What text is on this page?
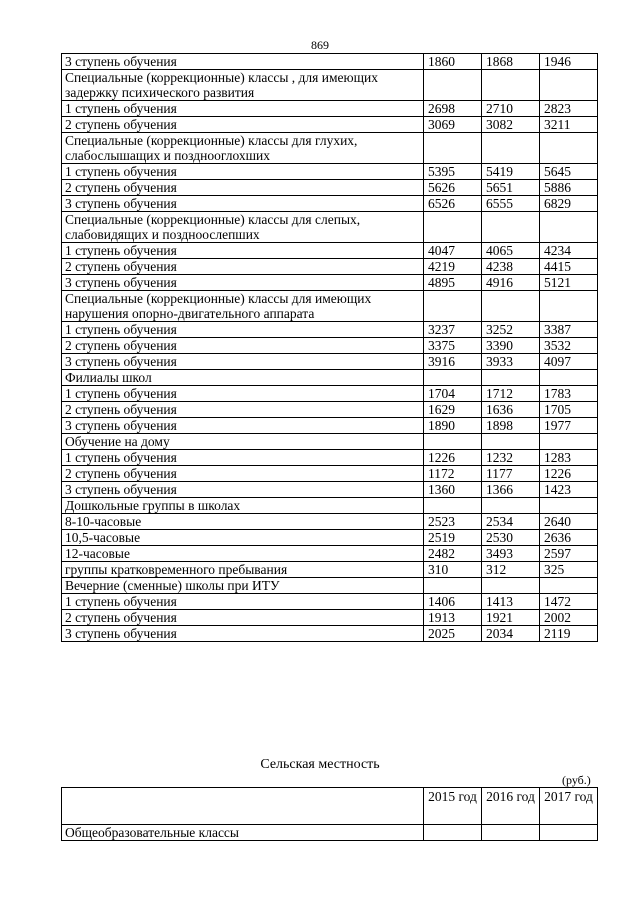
869
3 ступень обучения	1860	1868	1946
Специальные (коррекционные) классы , для имеющих задержку психического развития			
1 ступень обучения	2698	2710	2823
2 ступень обучения	3069	3082	3211
Специальные (коррекционные) классы для глухих, слабослышащих и позднооглохших			
1 ступень обучения	5395	5419	5645
2 ступень обучения	5626	5651	5886
3 ступень обучения	6526	6555	6829
Специальные (коррекционные) классы для слепых, слабовидящих и поздноослепших			
1 ступень обучения	4047	4065	4234
2 ступень обучения	4219	4238	4415
3 ступень обучения	4895	4916	5121
Специальные (коррекционные) классы для имеющих нарушения опорно-двигательного аппарата			
1 ступень обучения	3237	3252	3387
2 ступень обучения	3375	3390	3532
3 ступень обучения	3916	3933	4097
Филиалы школ			
1 ступень обучения	1704	1712	1783
2 ступень обучения	1629	1636	1705
3 ступень обучения	1890	1898	1977
Обучение на дому			
1 ступень обучения	1226	1232	1283
2 ступень обучения	1172	1177	1226
3 ступень обучения	1360	1366	1423
Дошкольные группы в школах			
8-10-часовые	2523	2534	2640
10,5-часовые	2519	2530	2636
12-часовые	2482	3493	2597
группы кратковременного пребывания	310	312	325
Вечерние (сменные) школы при ИТУ			
1 ступень обучения	1406	1413	1472
2 ступень обучения	1913	1921	2002
3 ступень обучения	2025	2034	2119
Сельская местность
(руб.)
	2015 год	2016 год	2017 год
Общеобразовательные классы			
